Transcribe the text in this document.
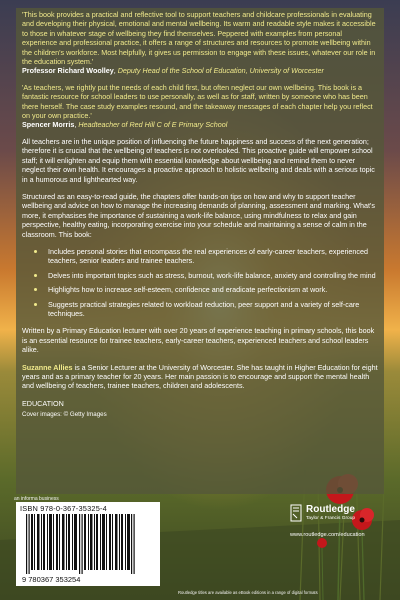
'This book provides a practical and reflective tool to support teachers and childcare professionals in evaluating and developing their physical, emotional and mental wellbeing. Its warm and readable style makes it accessible to those in whatever stage of wellbeing they find themselves. Peppered with examples from personal experience and professional practice, it offers a range of structures and resources to promote wellbeing within the children's workforce. Most helpfully, it gives us permission to engage with these issues, whatever our role in the education system.'

Professor Richard Woolley, Deputy Head of the School of Education, University of Worcester

'As teachers, we rightly put the needs of each child first, but often neglect our own wellbeing. This book is a fantastic resource for school leaders to use personally, as well as for staff, written by someone who has been there herself. The case study examples resound, and the takeaway messages of each chapter help you reflect on your own practice.'

Spencer Morris, Headteacher of Red Hill C of E Primary School

All teachers are in the unique position of influencing the future happiness and success of the next generation; therefore it is crucial that the wellbeing of teachers is not overlooked. This proactive guide will empower school staff; it will enlighten and equip them with essential knowledge about wellbeing and remind them to never neglect their own health. It encourages a proactive approach to holistic wellbeing and deals with a serious topic in a humorous and lighthearted way.

Structured as an easy-to-read guide, the chapters offer hands-on tips on how and why to support teacher wellbeing and advice on how to manage the increasing demands of planning, assessment and marking. What's more, it emphasises the importance of sustaining a work-life balance, using mindfulness to relax and gain perspective, healthy eating, incorporating exercise into your schedule and maintaining a sense of calm in the classroom. This book:

Includes personal stories that encompass the real experiences of early-career teachers, experienced teachers, senior leaders and trainee teachers.
Delves into important topics such as stress, burnout, work-life balance, anxiety and controlling the mind
Highlights how to increase self-esteem, confidence and eradicate perfectionism at work.
Suggests practical strategies related to workload reduction, peer support and a variety of self-care techniques.

Written by a Primary Education lecturer with over 20 years of experience teaching in primary schools, this book is an essential resource for trainee teachers, early-career teachers, experienced teachers and school leaders alike.

Suzanne Allies is a Senior Lecturer at the University of Worcester. She has taught in Higher Education for eight years and as a primary teacher for 20 years. Her main passion is to encourage and support the mental health and wellbeing of teachers, trainee teachers, children and adolescents.

EDUCATION

Cover images: © Getty Images

an informa business
ISBN 978-0-367-35325-4
9 780367 353254
Routledge
Taylor & Francis Group
www.routledge.com/education
Routledge titles are available as eBook editions in a range of digital formats
